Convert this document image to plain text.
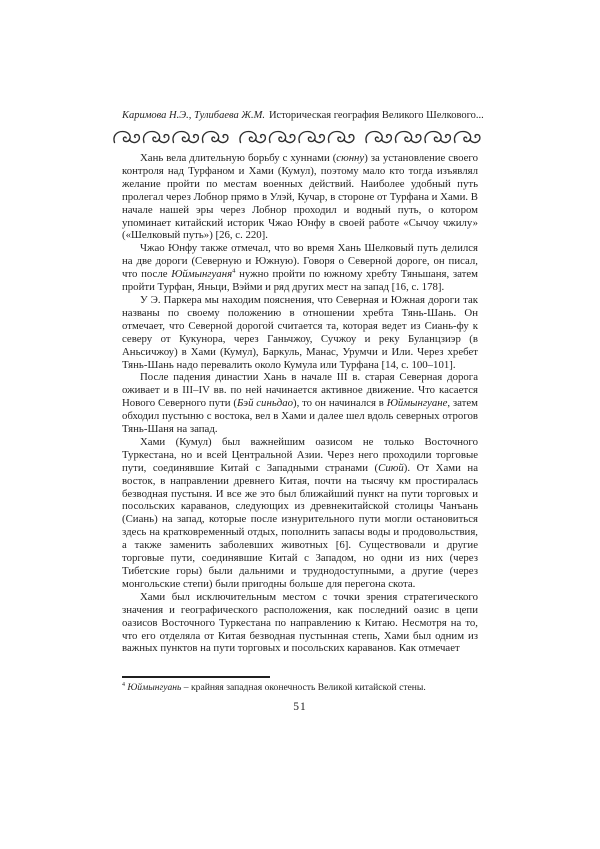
Каримова Н.Э., Тулибаева Ж.М. Историческая география Великого Шелкового...

Хань вела длительную борьбу с хуннами (сюнну) за установление своего контроля над Турфаном и Хами (Кумул), поэтому мало кто тогда изъявлял желание пройти по местам военных действий. Наиболее удобный путь пролегал через Лобнор прямо в Улэй, Кучар, в стороне от Турфана и Хами. В начале нашей эры через Лобнор проходил и водный путь, о котором упоминает китайский историк Чжао Юнфу в своей работе «Сычоу чжилу» («Шелковый путь») [26, с. 220].

Чжао Юнфу также отмечал, что во время Хань Шелковый путь делился на две дороги (Северную и Южную). Говоря о Северной дороге, он писал, что после Юймынгуаня$^4$ нужно пройти по южному хребту Тяньшаня, затем пройти Турфан, Яньци, Вэйми и ряд других мест на запад [16, с. 178].

У Э. Паркера мы находим пояснения, что Северная и Южная дороги так названы по своему положению в отношении хребта Тянь-Шань. Он отмечает, что Северной дорогой считается та, которая ведет из Сиань-фу к северу от Кукунора, через Ганьчжоу, Сучжоу и реку Буланцзиэр (в Аньсичжоу) в Хами (Кумул), Баркуль, Манас, Урумчи и Или. Через хребет Тянь-Шань надо перевалить около Кумула или Турфана [14, с. 100–101].

После падения династии Хань в начале III в. старая Северная дорога оживает и в III–IV вв. по ней начинается активное движение. Что касается Нового Северного пути (Бэй синьдао), то он начинался в Юймынгуане, затем обходил пустыню с востока, вел в Хами и далее шел вдоль северных отрогов Тянь-Шаня на запад.

Хами (Кумул) был важнейшим оазисом не только Восточного Туркестана, но и всей Центральной Азии. Через него проходили торговые пути, соединявшие Китай с Западными странами (Сиюй). От Хами на восток, в направлении древнего Китая, почти на тысячу км простиралась безводная пустыня. И все же это был ближайший пункт на пути торговых и посольских караванов, следующих из древнекитайской столицы Чанъань (Сиань) на запад, которые после изнурительного пути могли остановиться здесь на кратковременный отдых, пополнить запасы воды и продовольствия, а также заменить заболевших животных [6]. Существовали и другие торговые пути, соединявшие Китай с Западом, но одни из них (через Тибетские горы) были дальними и труднодоступными, а другие (через монгольские степи) были пригодны больше для перегона скота.

Хами был исключительным местом с точки зрения стратегического значения и географического расположения, как последний оазис в цепи оазисов Восточного Туркестана по направлению к Китаю. Несмотря на то, что его отделяла от Китая безводная пустынная степь, Хами был одним из важных пунктов на пути торговых и посольских караванов. Как отмечает

$^4$ Юймынгуань – крайняя западная оконечность Великой китайской стены.
51
